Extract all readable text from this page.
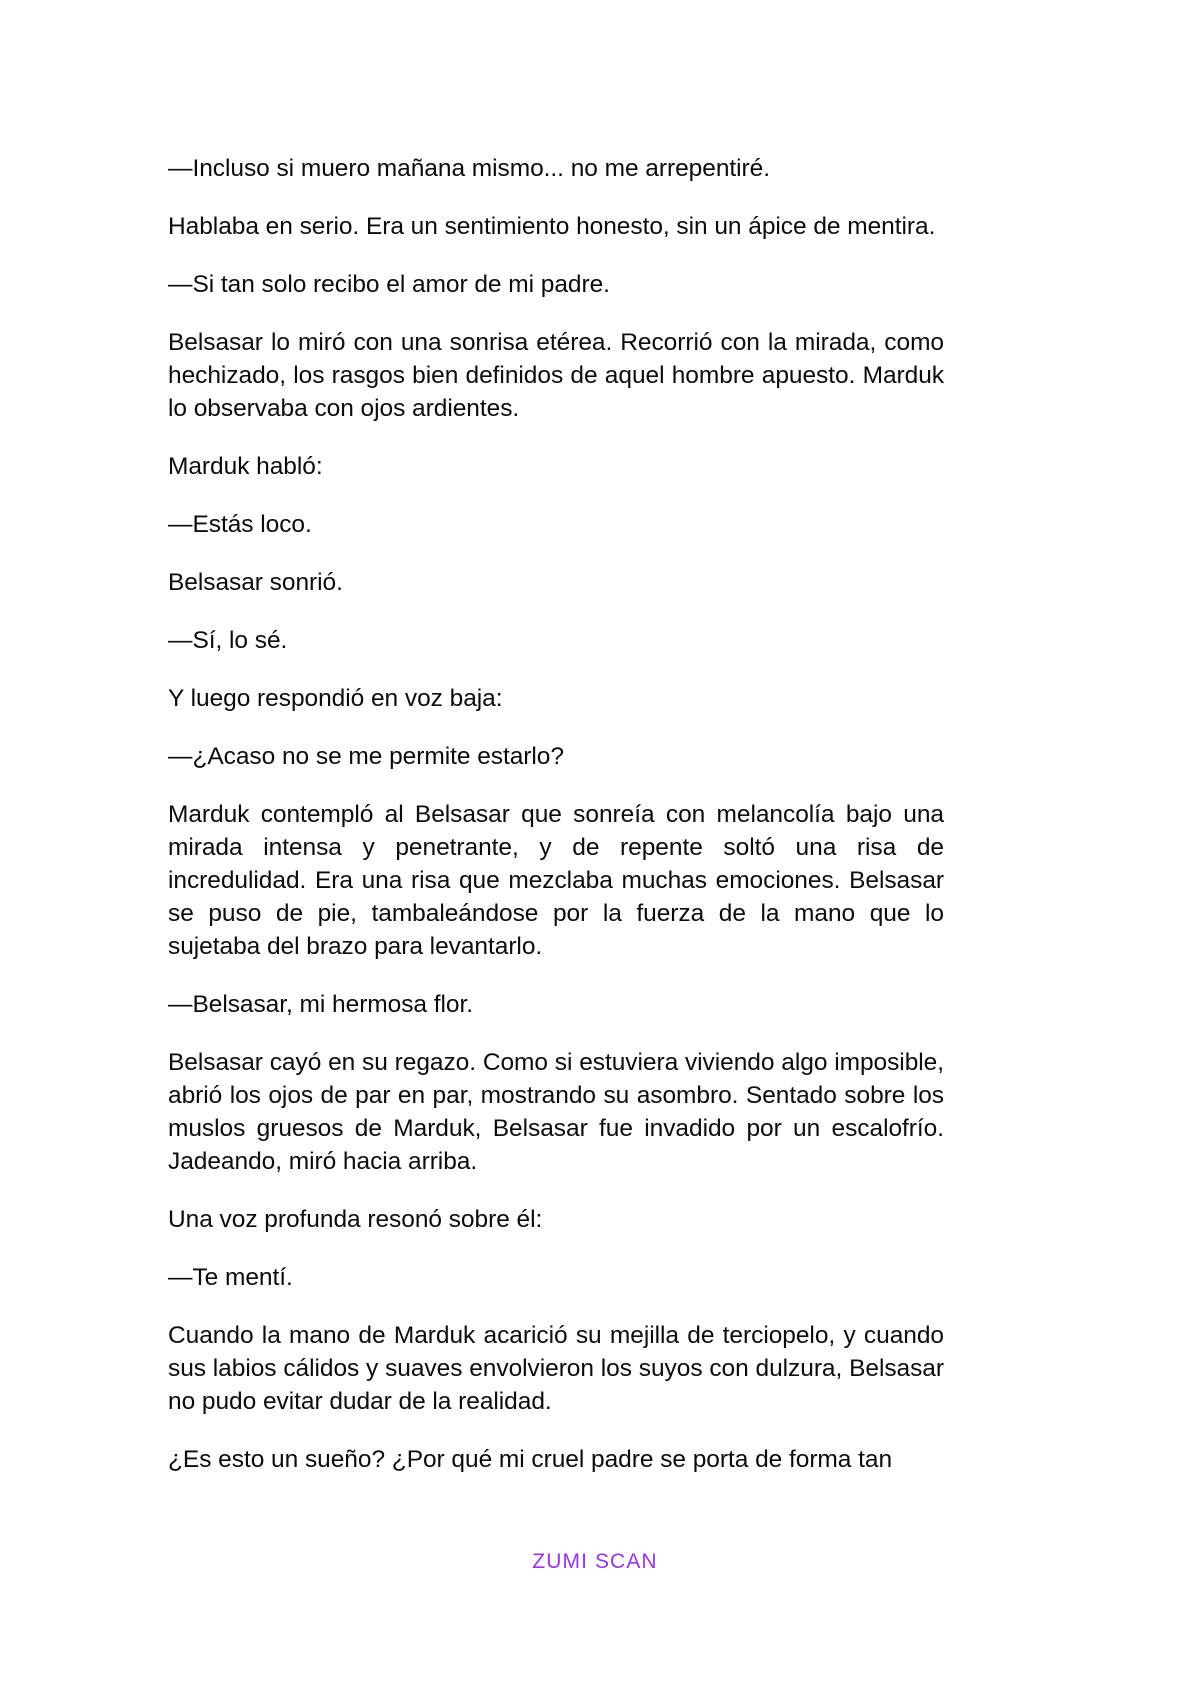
—Incluso si muero mañana mismo... no me arrepentiré.

Hablaba en serio. Era un sentimiento honesto, sin un ápice de mentira.

—Si tan solo recibo el amor de mi padre.

Belsasar lo miró con una sonrisa etérea. Recorrió con la mirada, como hechizado, los rasgos bien definidos de aquel hombre apuesto. Marduk lo observaba con ojos ardientes.

Marduk habló:

—Estás loco.

Belsasar sonrió.

—Sí, lo sé.

Y luego respondió en voz baja:

—¿Acaso no se me permite estarlo?

Marduk contempló al Belsasar que sonreía con melancolía bajo una mirada intensa y penetrante, y de repente soltó una risa de incredulidad. Era una risa que mezclaba muchas emociones. Belsasar se puso de pie, tambaleándose por la fuerza de la mano que lo sujetaba del brazo para levantarlo.

—Belsasar, mi hermosa flor.

Belsasar cayó en su regazo. Como si estuviera viviendo algo imposible, abrió los ojos de par en par, mostrando su asombro. Sentado sobre los muslos gruesos de Marduk, Belsasar fue invadido por un escalofrío. Jadeando, miró hacia arriba.

Una voz profunda resonó sobre él:

—Te mentí.

Cuando la mano de Marduk acarició su mejilla de terciopelo, y cuando sus labios cálidos y suaves envolvieron los suyos con dulzura, Belsasar no pudo evitar dudar de la realidad.

¿Es esto un sueño? ¿Por qué mi cruel padre se porta de forma tan

ZUMI SCAN
